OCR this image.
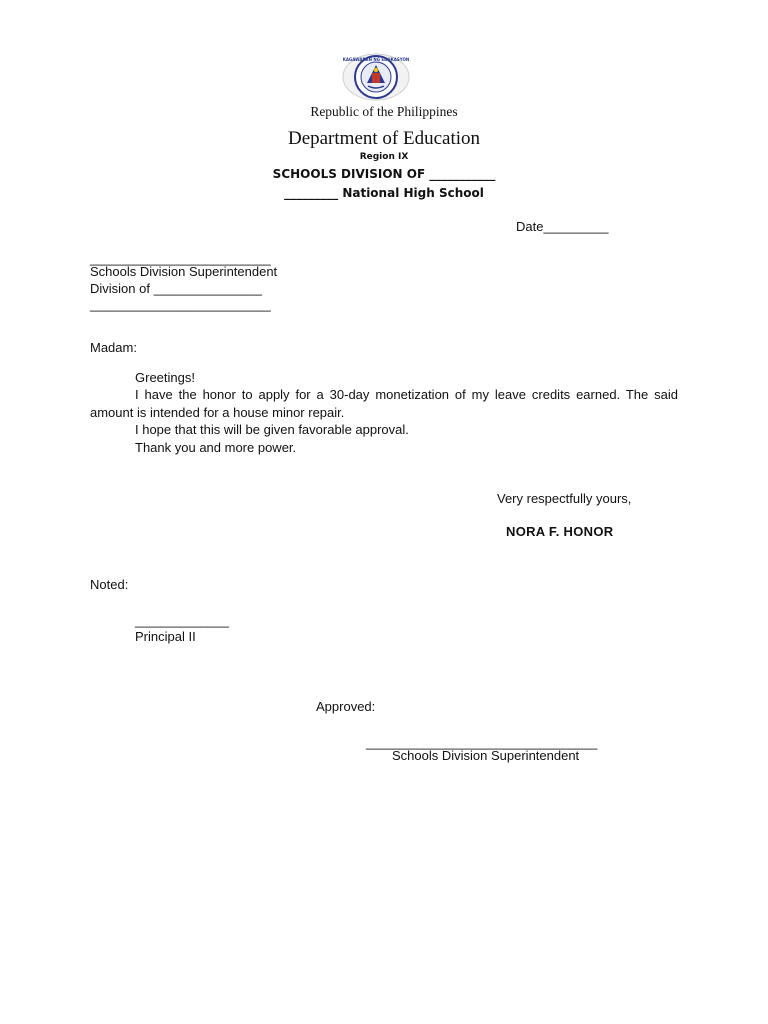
KAGAWARAN NG EDUKASYON
Republic of the Philippines
Department of Education
Region IX
SCHOOLS DIVISION OF ___________
_________ National High School
Date_________
_________________________
Schools Division Superintendent
Division of _______________
_________________________
Madam:

Greetings!

I have the honor to apply for a 30-day monetization of my leave credits earned. The said amount is intended for a house minor repair.

I hope that this will be given favorable approval.

Thank you and more power.

Very respectfully yours,
NORA F. HONOR
Noted:
_____________
Principal II
Approved:
________________________________
Schools Division Superintendent
